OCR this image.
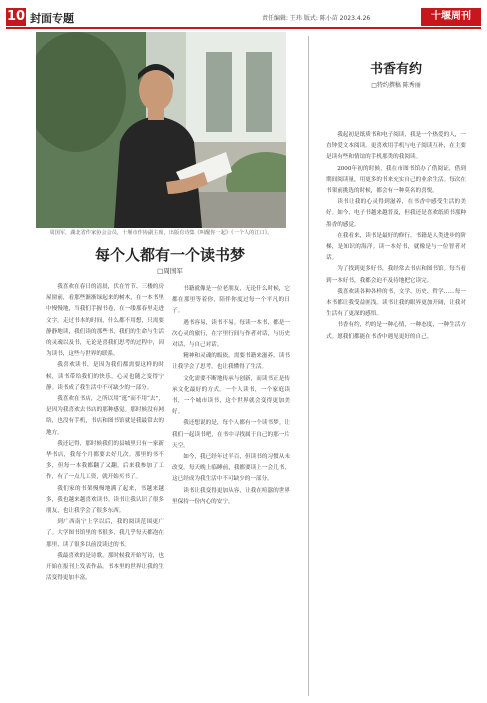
10 封面专题	责任编辑: 王玮 版式: 陈小苗 2023.4.26	十堰周刊
周国军，湖北省作家协会会员，十堰市作协副主席，出版有诗集《叫醒你一起》《一个人的江口》。
每个人都有一个读书梦
□周国军

我喜欢在春日的清晨，伏在竹节、三楼的房屋窗前，看那些渐渐绿起来的树木，在一本书里中慢慢地，当我们手握书卷，在一缕那春里走进文字。走过书本的时间，什么都不用想，只需要静静地读，我们读的那些书，我们的生命与生活的灵魂以及书，无论是喜我们思考的过程中，因为读书，这些与世界的联系。

我喜欢读书，是因为我们都需要这样的时候，读书带给我们的快乐，心灵也随之变得宁静。读书成了我生活中不可缺少的一部分。

我喜欢在书店，之所以用“逛”而不用“去”，是因为我喜欢去书店的那种感觉。那时候没有网络，也没有手机，书店和图书馆就是我最常去的地方。

我还记得，那时候我们的县城里只有一家新华书店，我每个月都要去好几次。那里的书不多，但每一本我都翻了又翻。后来我参加了工作，有了一点儿工资，就开始买书了。

我们家的书架慢慢地满了起来，书越来越多，我也越来越喜欢读书。读书让我认识了很多朋友，也让我学会了很多东西。

到广西南宁上学以后，我的阅读范围更广了。大学图书馆里的书很多，我几乎每天都泡在那里，读了很多以前没读过的书。

我最喜欢的是诗歌，那时候我开始写诗，也开始在报刊上发表作品。书本里的世界让我的生活变得更加丰富。

书籍就像是一位老朋友，无论什么时候，它都在那里等着你，陪伴你度过每一个平凡的日子。

遇书容易，读书不易。每读一本书，都是一次心灵的旅行，在字里行间与作者对话，与历史对话，与自己对话。

精神和灵魂的皈依，需要书籍来滋养。读书让我学会了思考，也让我懂得了生活。

文化需要不断地传承与创新，而读书正是传承文化最好的方式。一个人读书，一个家庭读书，一个城市读书，这个世界就会变得更加美好。

我还想说的是，每个人都有一个读书梦。让我们一起读书吧，在书中寻找属于自己的那一片天空。

如今，我已经年过半百，但读书的习惯从未改变。每天晚上临睡前，我都要读上一会儿书，这已经成为我生活中不可缺少的一部分。

读书让我变得更加从容，让我在喧嚣的世界里保持一份内心的安宁。

书香有约
□特约撰稿 陈秀丽

我起初是纸质书和电子阅读，我是一个热爱的人，一直钟爱文本阅读。更喜欢用手机与电子阅读互补，在主要是读有些和情谊的手机那类的我阅读。

2000年初的时候，我在市图书馆办了借阅证，借到期间阅读量，用更多的书来充实自己的业余生活。每次在书架前挑选的时候，都会有一种莫名的喜悦。

读书让我的心灵得到滋养，在书香中感受生活的美好。如今，电子书越来越普及，但我还是喜欢纸质书那种墨香的感觉。

在我看来，读书是最好的修行。书籍是人类进步的阶梯，是知识的海洋。读一本好书，就像是与一位智者对话。

为了找到更多好书，我经常去书店和图书馆。每当看到一本好书，我都会迫不及待地把它读完。

我喜欢读各种各样的书，文学、历史、哲学……每一本书都让我受益匪浅。读书让我的眼界更加开阔，让我对生活有了更深的感悟。

书香有约，约的是一种心情，一种态度，一种生活方式。愿我们都能在书香中遇见更好的自己。
